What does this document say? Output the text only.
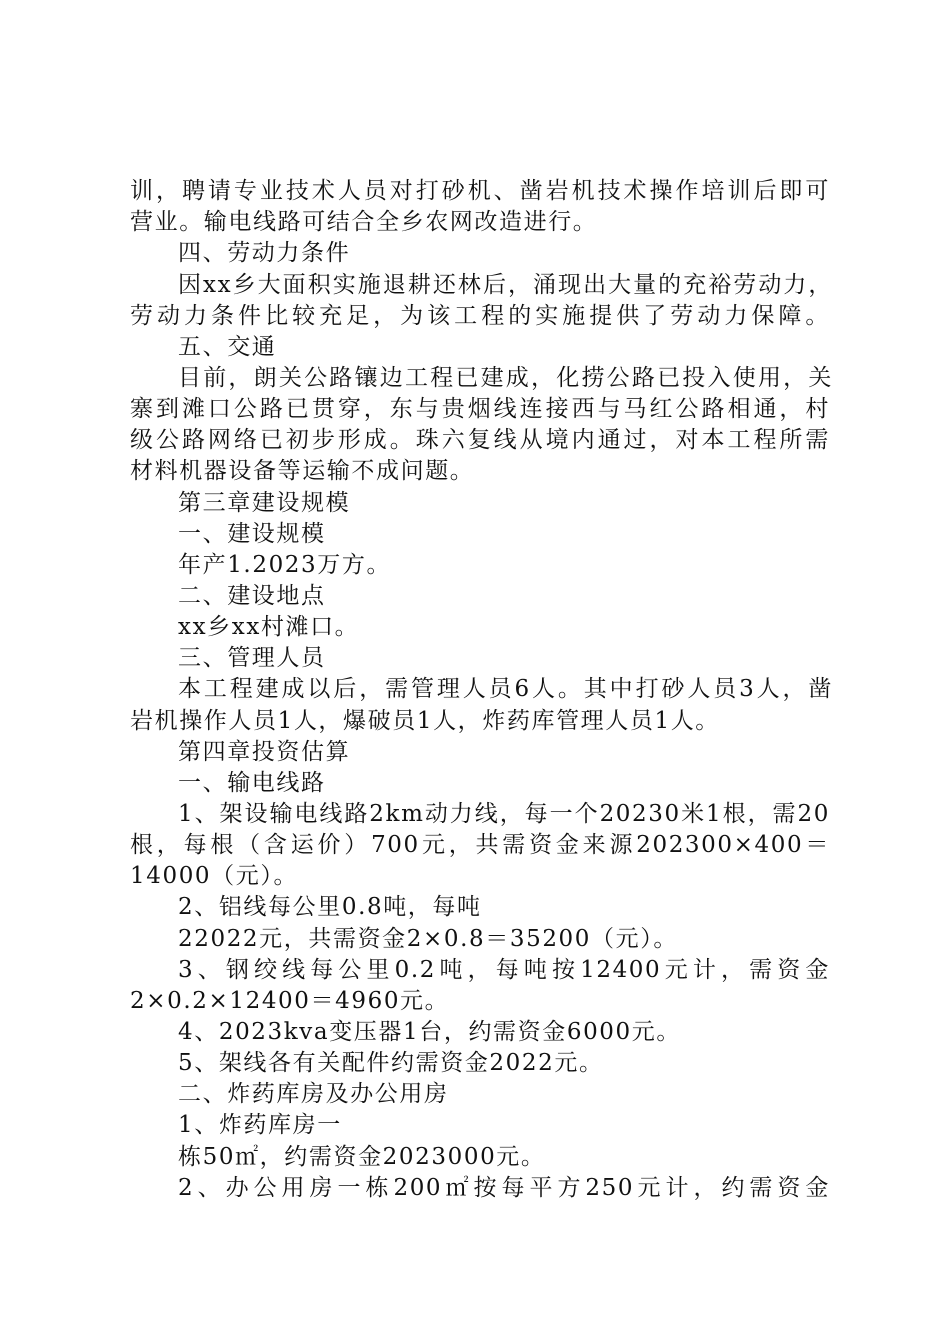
训，聘请专业技术人员对打砂机、凿岩机技术操作培训后即可
营业。输电线路可结合全乡农网改造进行。
四、劳动力条件
因xx乡大面积实施退耕还林后，涌现出大量的充裕劳动力，
劳动力条件比较充足，为该工程的实施提供了劳动力保障。
五、交通
目前，朗关公路镶边工程已建成，化捞公路已投入使用，关
寨到滩口公路已贯穿，东与贵烟线连接西与马红公路相通，村
级公路网络已初步形成。珠六复线从境内通过，对本工程所需
材料机器设备等运输不成问题。
第三章建设规模
一、建设规模
年产1.2023万方。
二、建设地点
xx乡xx村滩口。
三、管理人员
本工程建成以后，需管理人员6人。其中打砂人员3人，凿
岩机操作人员1人，爆破员1人，炸药库管理人员1人。
第四章投资估算
一、输电线路
1、架设输电线路2km动力线，每一个20230米1根，需20
根，每根（含运价）700元，共需资金来源202300×400＝
14000（元）。
2、铝线每公里0.8吨，每吨
22022元，共需资金2×0.8＝35200（元）。
3、钢绞线每公里0.2吨，每吨按12400元计，需资金
2×0.2×12400＝4960元。
4、2023kva变压器1台，约需资金6000元。
5、架线各有关配件约需资金2022元。
二、炸药库房及办公用房
1、炸药库房一
栋50㎡，约需资金2023000元。
2、办公用房一栋200㎡按每平方250元计，约需资金
